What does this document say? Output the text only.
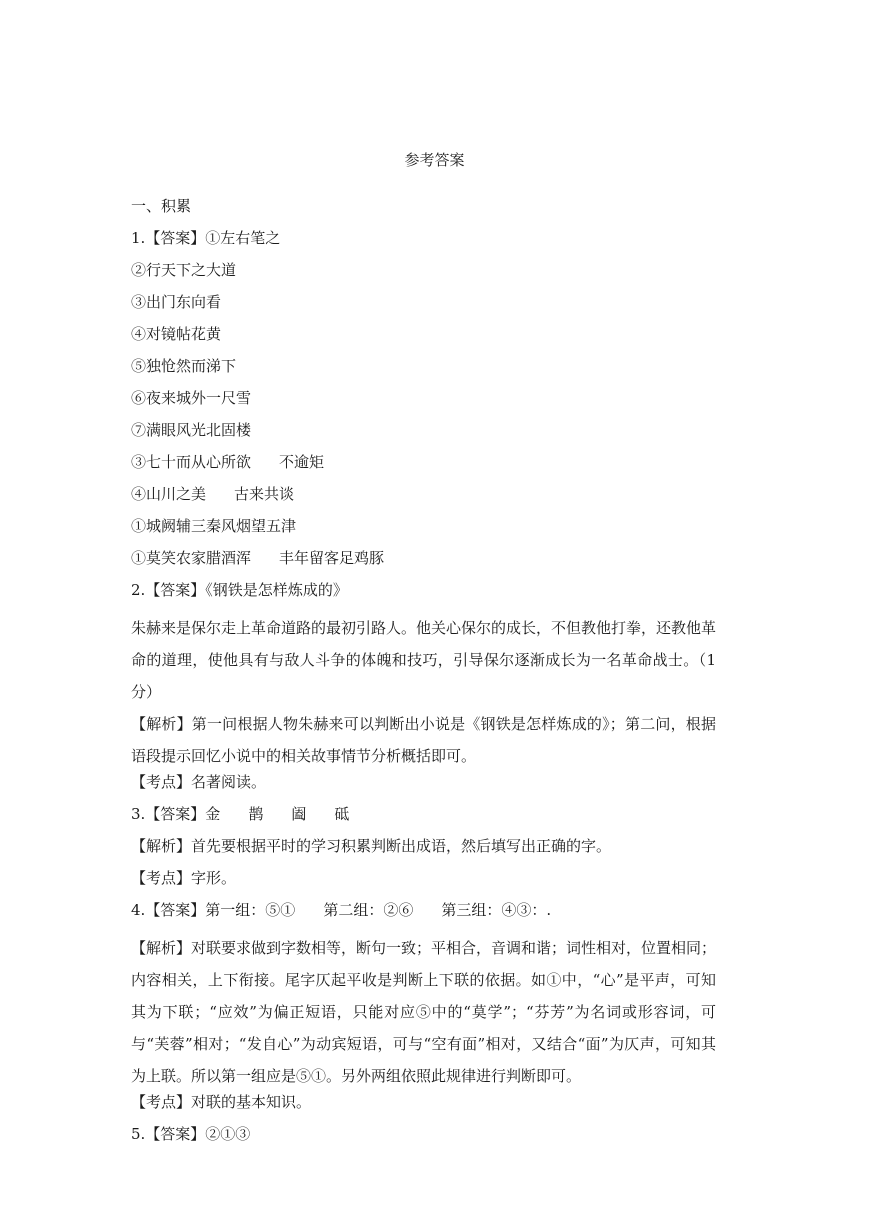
参考答案
一、积累
1.【答案】①左右笔之
②行天下之大道
③出门东向看
④对镜帖花黄
⑤独怆然而涕下
⑥夜来城外一尺雪
⑦满眼风光北固楼
③七十而从心所欲 不逾矩
④山川之美 古来共谈
①城阙辅三秦风烟望五津
①莫笑农家腊酒浑 丰年留客足鸡豚
2.【答案】《钢铁是怎样炼成的》
朱赫来是保尔走上革命道路的最初引路人。他关心保尔的成长，不但教他打拳，还教他革命的道理，使他具有与敌人斗争的体魄和技巧，引导保尔逐渐成长为一名革命战士。（1分）
【解析】第一问根据人物朱赫来可以判断出小说是《钢铁是怎样炼成的》；第二问，根据语段提示回忆小说中的相关故事情节分析概括即可。
【考点】名著阅读。
3.【答案】金 鹊 阖 砥
【解析】首先要根据平时的学习积累判断出成语，然后填写出正确的字。
【考点】字形。
4.【答案】第一组：⑤① 第二组：②⑥ 第三组：④③：.
【解析】对联要求做到字数相等，断句一致；平相合，音调和谐；词性相对，位置相同；内容相关，上下衔接。尾字仄起平收是判断上下联的依据。如①中，“心”是平声，可知其为下联；“应效”为偏正短语，只能对应⑤中的“莫学”；“芬芳”为名词或形容词，可与“芙蓉”相对；“发自心”为动宾短语，可与“空有面”相对，又结合“面”为仄声，可知其为上联。所以第一组应是⑤①。另外两组依照此规律进行判断即可。
【考点】对联的基本知识。
5.【答案】②①③
